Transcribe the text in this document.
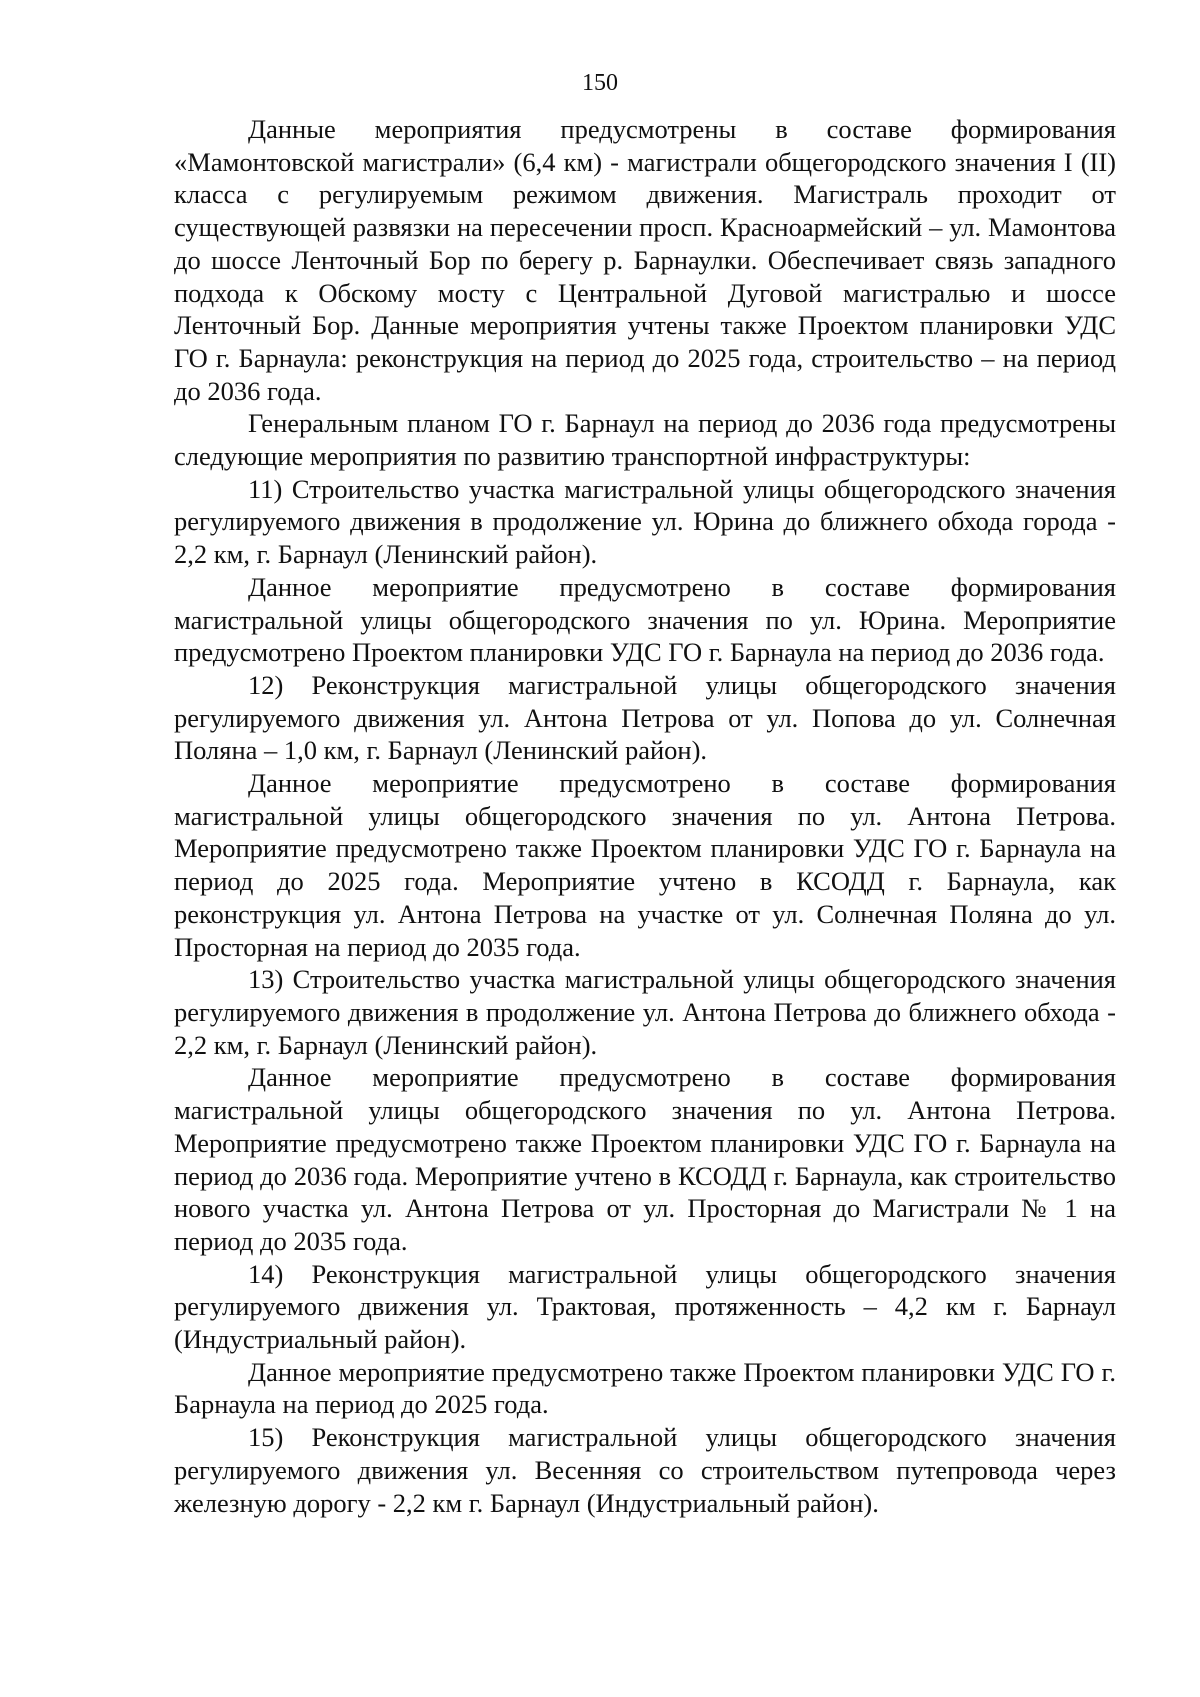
150

Данные мероприятия предусмотрены в составе формирования «Мамонтовской магистрали» (6,4 км) - магистрали общегородского значения I (II) класса с регулируемым режимом движения. Магистраль проходит от существующей развязки на пересечении просп. Красноармейский – ул. Мамонтова до шоссе Ленточный Бор по берегу р. Барнаулки. Обеспечивает связь западного подхода к Обскому мосту с Центральной Дуговой магистралью и шоссе Ленточный Бор. Данные мероприятия учтены также Проектом планировки УДС ГО г. Барнаула: реконструкция на период до 2025 года, строительство – на период до 2036 года.

Генеральным планом ГО г. Барнаул на период до 2036 года предусмотрены следующие мероприятия по развитию транспортной инфраструктуры:

11) Строительство участка магистральной улицы общегородского значения регулируемого движения в продолжение ул. Юрина до ближнего обхода города - 2,2 км, г. Барнаул (Ленинский район).

Данное мероприятие предусмотрено в составе формирования магистральной улицы общегородского значения по ул. Юрина. Мероприятие предусмотрено Проектом планировки УДС ГО г. Барнаула на период до 2036 года.

12) Реконструкция магистральной улицы общегородского значения регулируемого движения ул. Антона Петрова от ул. Попова до ул. Солнечная Поляна – 1,0 км, г. Барнаул (Ленинский район).

Данное мероприятие предусмотрено в составе формирования магистральной улицы общегородского значения по ул. Антона Петрова. Мероприятие предусмотрено также Проектом планировки УДС ГО г. Барнаула на период до 2025 года. Мероприятие учтено в КСОДД г. Барнаула, как реконструкция ул. Антона Петрова на участке от ул. Солнечная Поляна до ул. Просторная на период до 2035 года.

13) Строительство участка магистральной улицы общегородского значения регулируемого движения в продолжение ул. Антона Петрова до ближнего обхода - 2,2 км, г. Барнаул (Ленинский район).

Данное мероприятие предусмотрено в составе формирования магистральной улицы общегородского значения по ул. Антона Петрова. Мероприятие предусмотрено также Проектом планировки УДС ГО г. Барнаула на период до 2036 года. Мероприятие учтено в КСОДД г. Барнаула, как строительство нового участка ул. Антона Петрова от ул. Просторная до Магистрали № 1 на период до 2035 года.

14) Реконструкция магистральной улицы общегородского значения регулируемого движения ул. Трактовая, протяженность – 4,2 км г. Барнаул (Индустриальный район).

Данное мероприятие предусмотрено также Проектом планировки УДС ГО г. Барнаула на период до 2025 года.

15) Реконструкция магистральной улицы общегородского значения регулируемого движения ул. Весенняя со строительством путепровода через железную дорогу - 2,2 км г. Барнаул (Индустриальный район).
